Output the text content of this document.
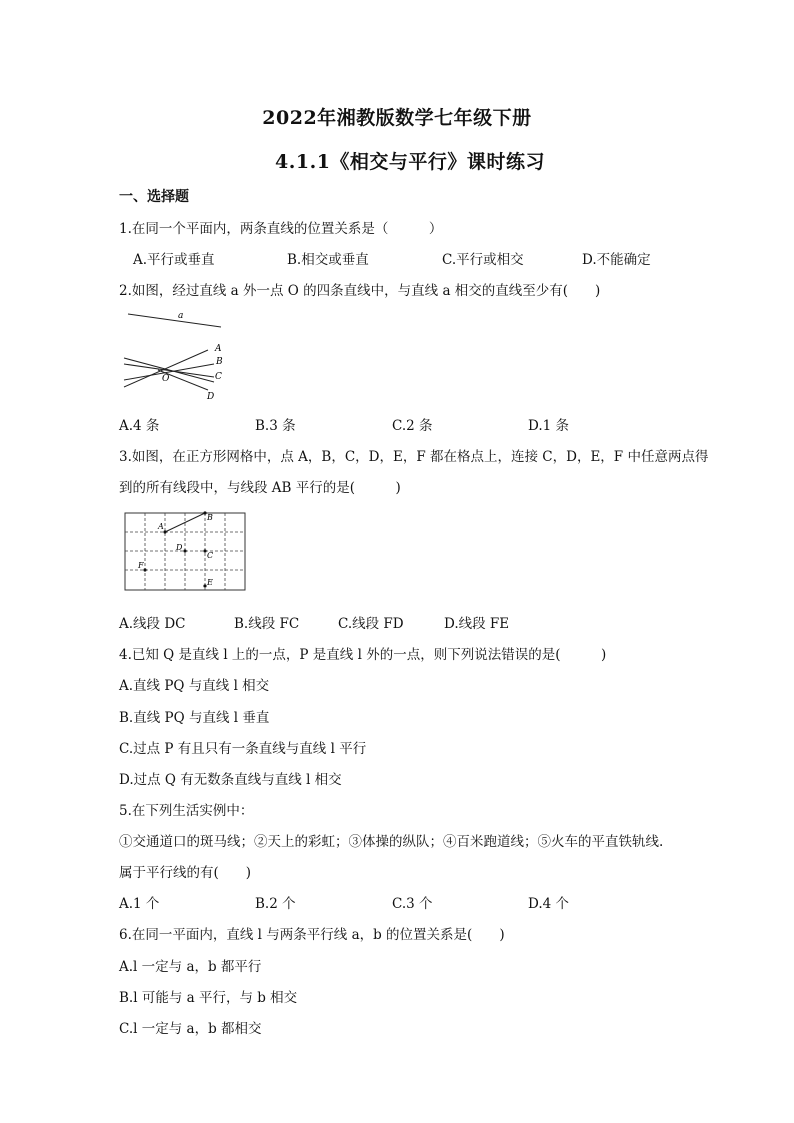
2022年湘教版数学七年级下册
4.1.1《相交与平行》课时练习
一、选择题
1.在同一个平面内，两条直线的位置关系是（　　　）
A.平行或垂直	B.相交或垂直	C.平行或相交	D.不能确定
2.如图，经过直线 a 外一点 O 的四条直线中，与直线 a 相交的直线至少有(　　)
a
A
B
C
D
O
A.4 条	B.3 条	C.2 条	D.1 条
3.如图，在正方形网格中，点 A，B，C，D，E，F 都在格点上，连接 C，D，E，F 中任意两点得
到的所有线段中，与线段 AB 平行的是(　　　)
A
B
C
D
E
F
A.线段 DC	B.线段 FC	C.线段 FD	D.线段 FE
4.已知 Q 是直线 l 上的一点，P 是直线 l 外的一点，则下列说法错误的是(　　　)
A.直线 PQ 与直线 l 相交
B.直线 PQ 与直线 l 垂直
C.过点 P 有且只有一条直线与直线 l 平行
D.过点 Q 有无数条直线与直线 l 相交
5.在下列生活实例中：
①交通道口的斑马线；②天上的彩虹；③体操的纵队；④百米跑道线；⑤火车的平直铁轨线.
属于平行线的有(　　)
A.1 个	B.2 个	C.3 个	D.4 个
6.在同一平面内，直线 l 与两条平行线 a，b 的位置关系是(　　)
A.l 一定与 a，b 都平行
B.l 可能与 a 平行，与 b 相交
C.l 一定与 a，b 都相交
